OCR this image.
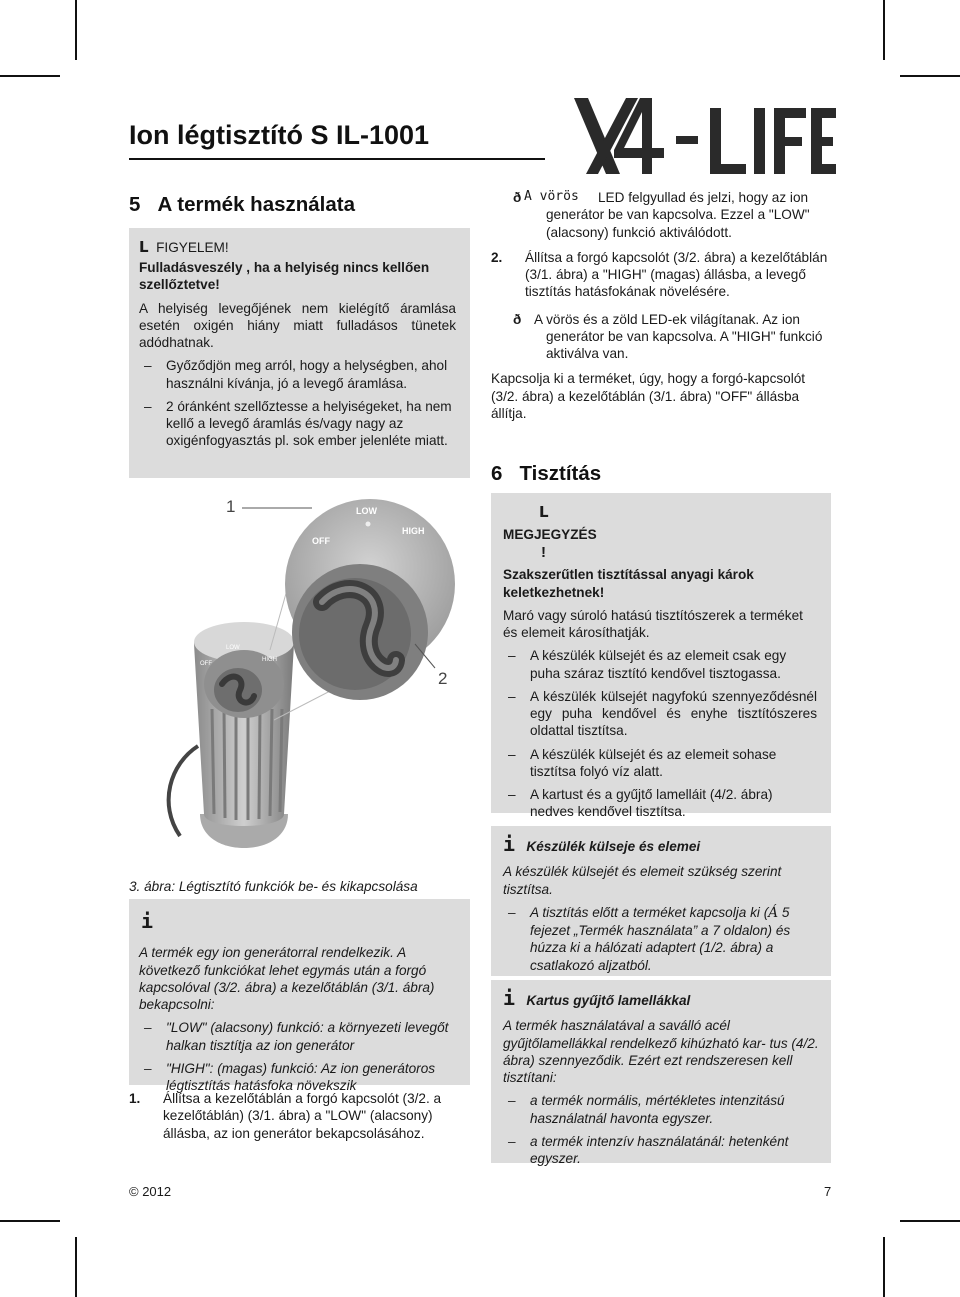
Ion légtisztító S IL-1001
5 A termék használata
L FIGYELEM!

Fulladásveszély , ha a helyiség nincs kellően szellőztetve!

A helyiség levegőjének nem kielégítő áramlása esetén oxigén hiány miatt fulladásos tünetek adódhatnak.

– Győződjön meg arról, hogy a helységben, ahol használni kívánja, jó a levegő áramlása.
– 2 óránként szellőztesse a helyiségeket, ha nem kellő a levegő áramlás és/vagy nagy az oxigénfogyasztás pl. sok ember jelenléte miatt.
OFF
LOW
HIGH
LOW
OFF
HIGH
1
2
3. ábra: Légtisztító funkciók be- és kikapcsolása
i

A termék egy ion generátorral rendelkezik. A következő funkciókat lehet egymás után a forgó kapcsolóval (3/2. ábra) a kezelőtáblán (3/1. ábra) bekapcsolni:

– "LOW" (alacsony) funkció: a környezeti levegőt halkan tisztítja az ion generátor
– "HIGH": (magas) funkció: Az ion generátoros légtisztítás hatásfoka növekszik
1. Állítsa a kezelőtáblán a forgó kapcsolót (3/2. a kezelőtáblán) (3/1. ábra) a "LOW" (alacsony) állásba, az ion generátor bekapcsolásához.
ð A vörös	LED felgyullad és jelzi, hogy az ion generátor be van kapcsolva. Ezzel a "LOW" (alacsony) funkció aktiválódott.
2. Állítsa a forgó kapcsolót (3/2. ábra) a kezelőtáblán (3/1. ábra) a "HIGH" (magas) állásba, a levegő tisztítás hatásfokának növelésére.
ð A vörös és a zöld LED-ek világítanak. Az ion generátor be van kapcsolva. A "HIGH" funkció aktiválva van.

Kapcsolja ki a terméket, úgy, hogy a forgó-kapcsolót (3/2. ábra) a kezelőtáblán (3/1. ábra) "OFF" állásba állítja.

6 Tisztítás
L
MEGJEGYZÉS
!

Szakszerűtlen tisztítással anyagi károk keletkezhetnek!

Maró vagy súroló hatású tisztítószerek a terméket és elemeit károsíthatják.

– A készülék külsejét és az elemeit csak egy puha száraz tisztító kendővel tisztogassa.
– A készülék külsejét nagyfokú szennyeződésnél egy puha kendővel és enyhe tisztítószeres oldattal tisztítsa.
– A készülék külsejét és az elemeit sohase tisztítsa folyó víz alatt.
– A kartust és a gyűjtő lamelláit (4/2. ábra) nedves kendővel tisztítsa.
i Készülék külseje és elemei

A készülék külsejét és elemeit szükség szerint tisztítsa.

– A tisztítás előtt a terméket kapcsolja ki (Á 5 fejezet „Termék használata” a 7 oldalon) és húzza ki a hálózati adaptert (1/2. ábra) a csatlakozó aljzatból.
i Kartus gyűjtő lamellákkal

A termék használatával a saválló acél gyűjtőlamellákkal rendelkező kihúzható kar- tus (4/2. ábra) szennyeződik. Ezért ezt rendszeresen kell tisztítani:

– a termék normális, mértékletes intenzitású használatnál havonta egyszer.
– a termék intenzív használatánál: hetenként egyszer.
© 2012	7
